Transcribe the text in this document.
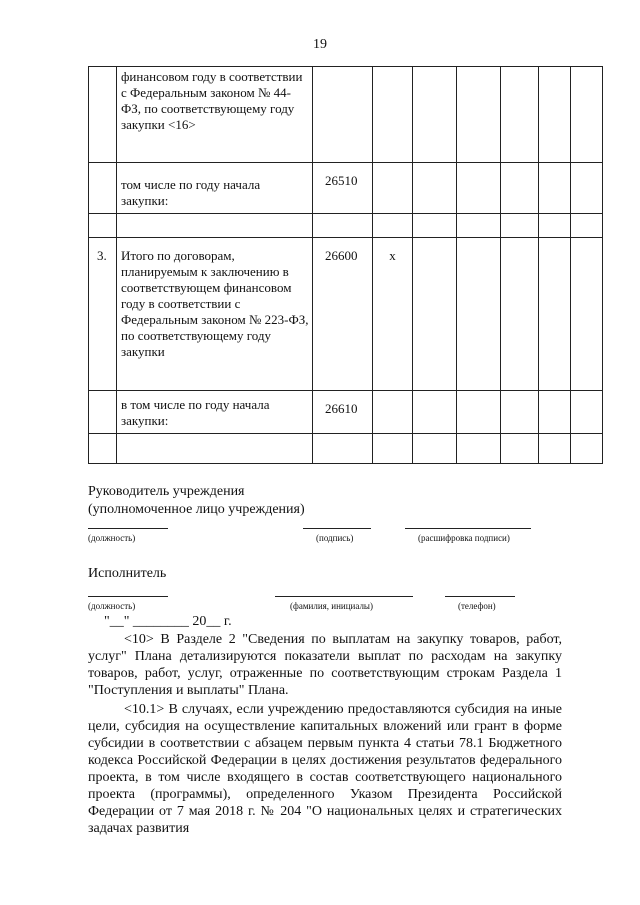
19
	финансовом году в соответствии с Федеральным законом № 44-ФЗ, по соответствующему году закупки <16>							

	том числе по году начала закупки:	26510						

3.	Итого по договорам, планируемым к заключению в соответствующем финансовом году в соответствии с Федеральным законом № 223-ФЗ, по соответствующему году закупки	26600	x					
	в том числе по году начала закупки:	26610						

Руководитель учреждения
(уполномоченное лицо учреждения)
(должность)	(подпись)	(расшифровка подписи)
Исполнитель
(должность)	(фамилия, инициалы)	(телефон)
"__" ________ 20__ г.
<10> В Разделе 2 "Сведения по выплатам на закупку товаров, работ, услуг" Плана детализируются показатели выплат по расходам на закупку товаров, работ, услуг, отраженные по соответствующим строкам Раздела 1 "Поступления и выплаты" Плана.
<10.1> В случаях, если учреждению предоставляются субсидия на иные цели, субсидия на осуществление капитальных вложений или грант в форме субсидии в соответствии с абзацем первым пункта 4 статьи 78.1 Бюджетного кодекса Российской Федерации в целях достижения результатов федерального проекта, в том числе входящего в состав соответствующего национального проекта (программы), определенного Указом Президента Российской Федерации от 7 мая 2018 г. № 204 "О национальных целях и стратегических задачах развития
